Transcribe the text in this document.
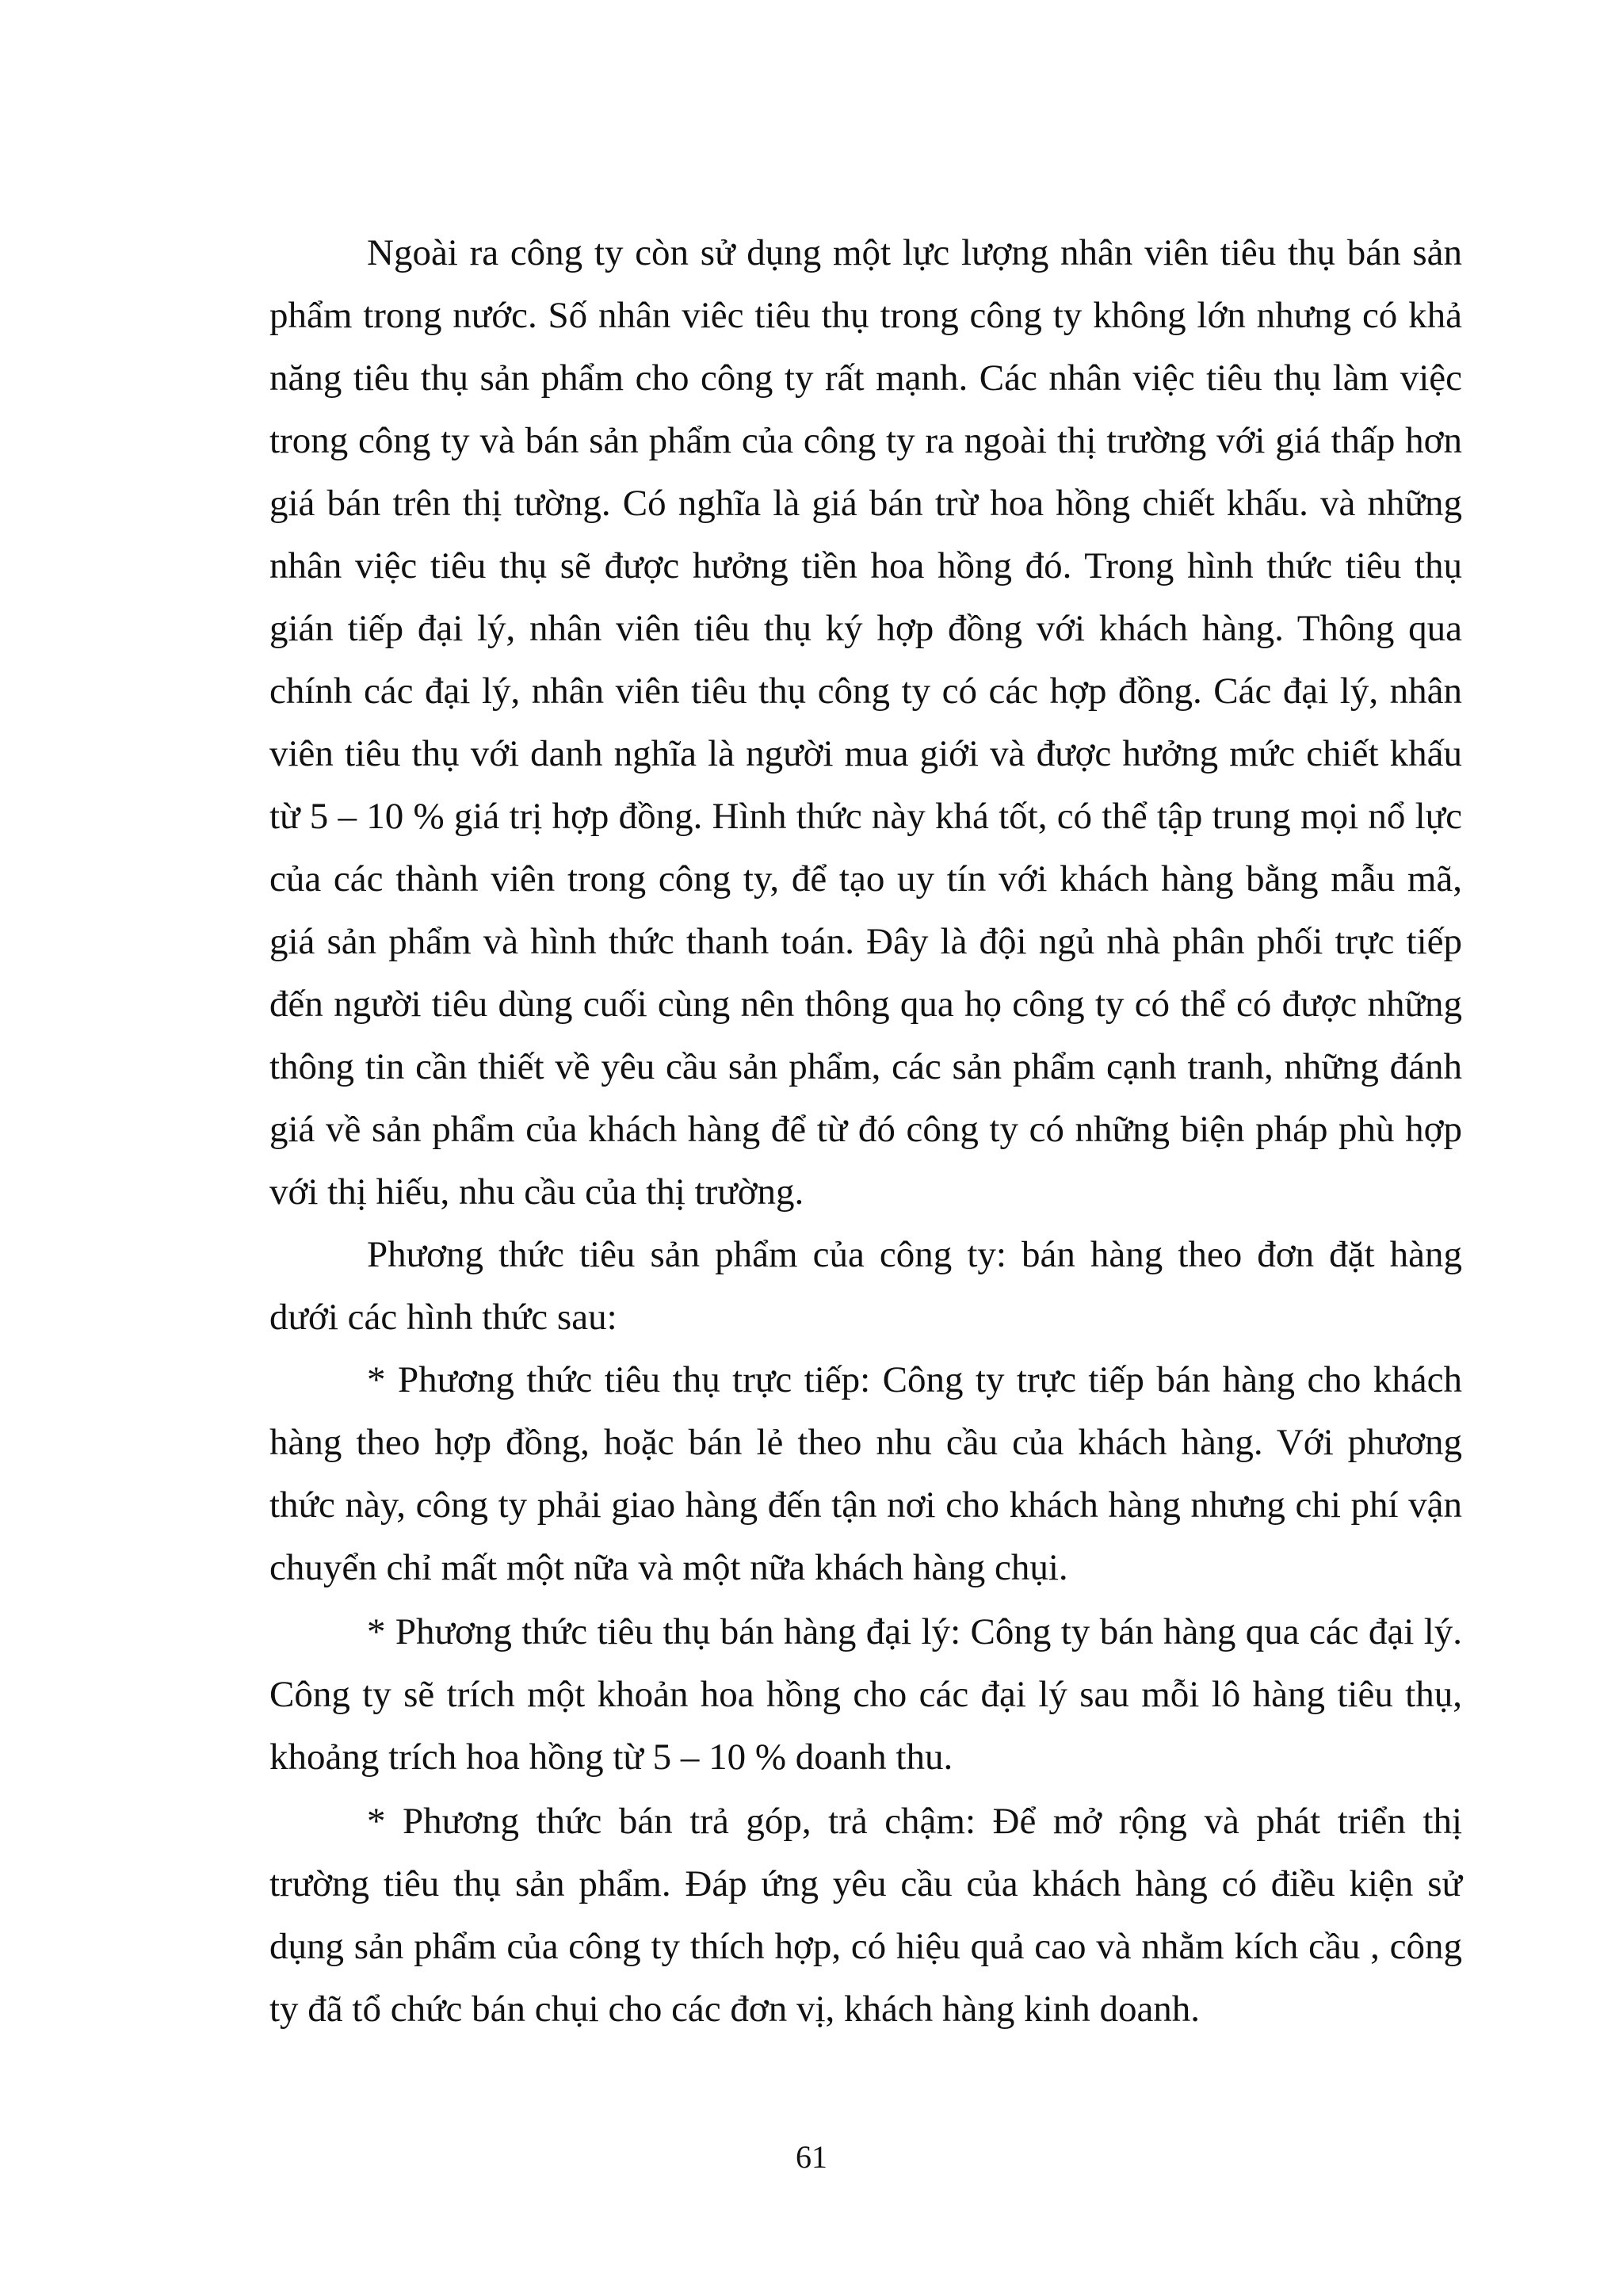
Ngoài ra công ty còn sử dụng một lực lượng nhân viên tiêu thụ bán sản phẩm trong nước. Số nhân viêc tiêu thụ trong công ty không lớn nhưng có khả năng tiêu thụ sản phẩm cho công ty rất mạnh. Các nhân việc tiêu thụ làm việc trong công ty và bán sản phẩm của công ty ra ngoài thị trường với giá thấp hơn giá bán trên thị tường. Có nghĩa là giá bán trừ hoa hồng chiết khấu. và những nhân việc tiêu thụ sẽ được hưởng tiền hoa hồng đó. Trong hình thức tiêu thụ gián tiếp đại lý, nhân viên tiêu thụ ký hợp đồng với khách hàng. Thông qua chính các đại lý, nhân viên tiêu thụ công ty có các hợp đồng. Các đại lý, nhân viên tiêu thụ với danh nghĩa là người mua giới và được hưởng mức chiết khấu từ 5 – 10 % giá trị hợp đồng. Hình thức này khá tốt, có thể tập trung mọi nổ lực của các thành viên trong công ty, để tạo uy tín với khách hàng bằng mẫu mã, giá sản phẩm và hình thức thanh toán. Đây là đội ngủ nhà phân phối trực tiếp đến người tiêu dùng cuối cùng nên thông qua họ công ty có thể có được những thông tin cần thiết về yêu cầu sản phẩm, các sản phẩm cạnh tranh, những đánh giá về sản phẩm của khách hàng để từ đó công ty có những biện pháp phù hợp với thị hiếu, nhu cầu của thị trường.

Phương thức tiêu sản phẩm của công ty: bán hàng theo đơn đặt hàng dưới các hình thức sau:

* Phương thức tiêu thụ trực tiếp: Công ty trực tiếp bán hàng cho khách hàng theo hợp đồng, hoặc bán lẻ theo nhu cầu của khách hàng. Với phương thức này, công ty phải giao hàng đến tận nơi cho khách hàng nhưng chi phí vận chuyển chỉ mất một nữa và một nữa khách hàng chụi.

* Phương thức tiêu thụ bán hàng đại lý: Công ty bán hàng qua các đại lý. Công ty sẽ trích một khoản hoa hồng cho các đại lý sau mỗi lô hàng tiêu thụ, khoảng trích hoa hồng từ 5 – 10 % doanh thu.

* Phương thức bán trả góp, trả chậm: Để mở rộng và phát triển thị trường tiêu thụ sản phẩm. Đáp ứng yêu cầu của khách hàng có điều kiện sử dụng sản phẩm của công ty thích hợp, có hiệu quả cao và nhằm kích cầu , công ty đã tổ chức bán chụi cho các đơn vị, khách hàng kinh doanh.

61
